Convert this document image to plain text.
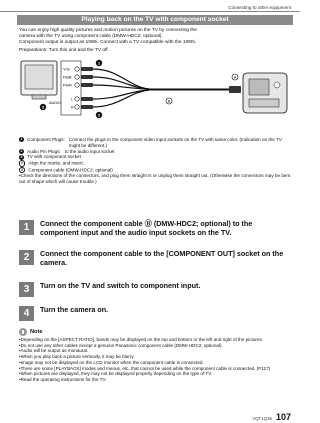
Connecting to other equipment
Playing back on the TV with component socket
You can enjoy high quality pictures and motion pictures on the TV by connecting the
camera with the TV using component cable (DMW-HDC2: optional).
Component output is output as 1080i. Connect with a TV compatible with the 1080i.
Preparations: Turn this unit and the TV off.
Y/G
Pʙ/B
Pʀ/R
AUDIO
L
R
1
2
3
A
B
1 Component Plugs: Connect the plugs to the component video input sockets on the TV with same color. (Indication on the TV might be different.)
2 Audio Pin Plugs: to the audio input socket
3 TV with component socket
A Align the marks, and insert.
B Component cable (DMW-HDC2: optional)
•Check the directions of the connectors, and plug them straight in or unplug them straight out. (Otherwise the connectors may be bent out of shape which will cause trouble.)
1	Connect the component cable Ⓑ (DMW-HDC2; optional) to the component input and the audio input sockets on the TV.
2	Connect the component cable to the [COMPONENT OUT] socket on the camera.
3	Turn on the TV and switch to component input.
4	Turn the camera on.
Note
•Depending on the [ASPECT RATIO], bands may be displayed on the top and bottom or the left and right of the pictures.
•Do not use any other cables except a genuine Panasonic component cable (DMW-HDC2; optional).
•Audio will be output as monaural.
•When you play back a picture vertically, it may be blurry.
•Image may not be displayed on the LCD monitor when the component cable is connected.
•There are some [PLAYBACK] modes and menus, etc. that cannot be used while the component cable is connected. (P117)
•When pictures are displayed, they may not be displayed properly depending on the type of TV.
•Read the operating instructions for the TV.
VQT1Q36 107
